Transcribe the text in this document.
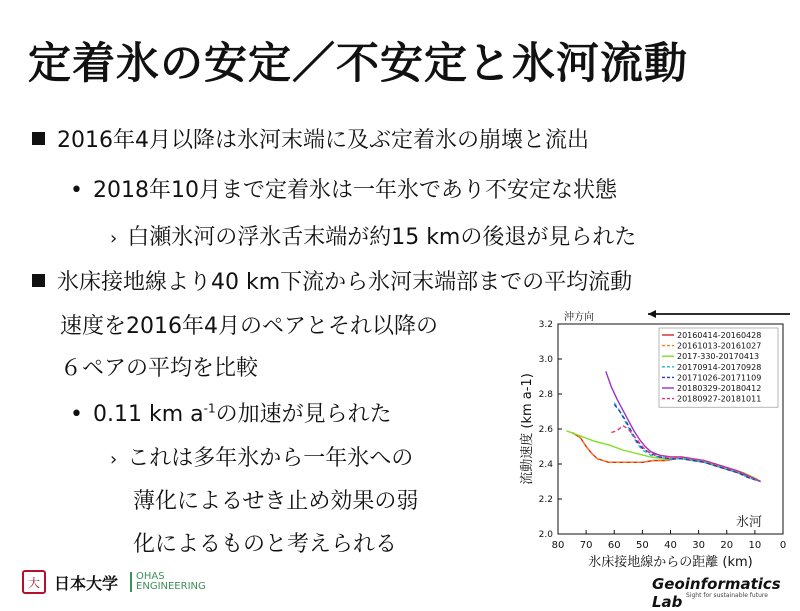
定着氷の安定／不安定と氷河流動
2016年4月以降は氷河末端に及ぶ定着氷の崩壊と流出
• 2018年10月まで定着氷は一年氷であり不安定な状態
› 白瀬氷河の浮氷舌末端が約15 kmの後退が見られた
氷床接地線より40 km下流から氷河末端部までの平均流動
速度を2016年4月のペアとそれ以降の
６ペアの平均を比較
• 0.11 km $a^{-1}$の加速が見られた
› これは多年氷から一年氷への
薄化によるせき止め効果の弱
化によるものと考えられる	80 70 60 50 40 30 20 10 0
2.0
2.2
2.4
2.6
2.8
3.0
3.2
氷床接地線からの距離 (km)
流動速度 (km a-1)
沖方向
氷河
20160414-20160428
20161013-20161027
2017-330-20170413
20170914-20170928
20171026-20171109
20180329-20180412
20180927-20181011
大 日本大学 OHAS
ENGINEERING	Geoinformatics Lab Sight for sustainable future
